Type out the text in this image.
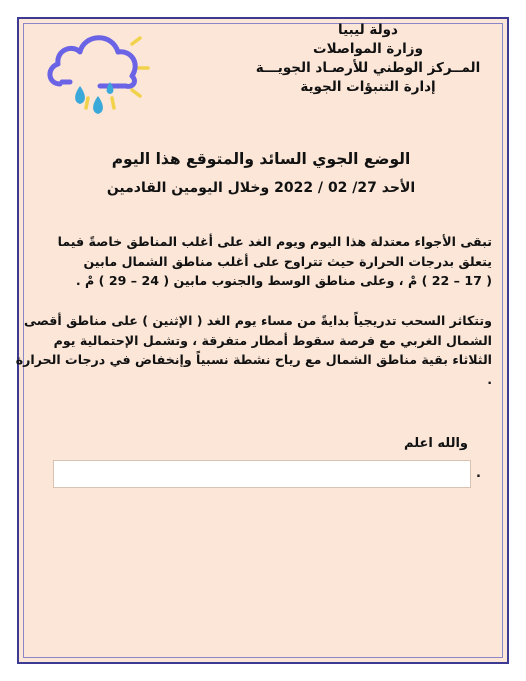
دولة ليبيا
وزارة المواصلات
المــركز الوطني للأرصـاد الجويـــة
إدارة التنبؤات الجوية
الوضع الجوي السائد والمتوقع هذا اليوم
الأحد 27/ 02 / 2022 وخلال اليومين القادمين
تبقى الأجواء معتدلة هذا اليوم ويوم الغد على أغلب المناطق خاصةً فيما
يتعلق بدرجات الحرارة حيث تتراوح على أغلب مناطق الشمال مابين
( 17 – 22 ) مْ ، وعلى مناطق الوسط والجنوب مابين ( 24 – 29 ) مْ .
وتتكاثر السحب تدريجياً بدايةً من مساء يوم الغد ( الإثنين ) على مناطق أقصى
الشمال الغربي مع فرصة سقوط أمطار متفرقة ، وتشمل الإحتمالية يوم
الثلاثاء بقية مناطق الشمال مع رياح نشطة نسبياً وإنخفاض في درجات الحرارة
.
والله اعلم
.
